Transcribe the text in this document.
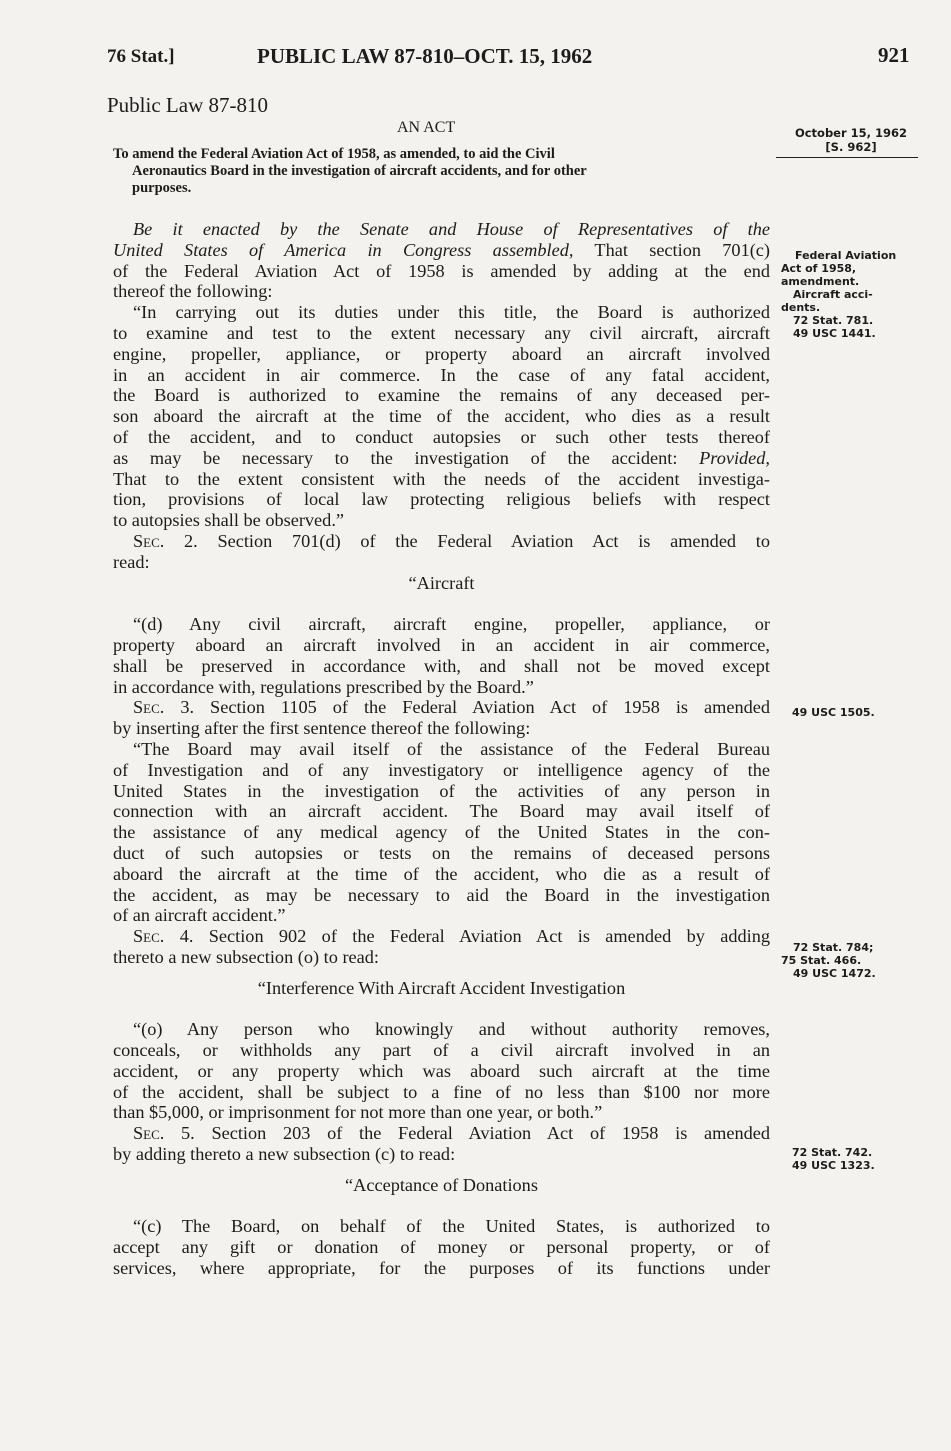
76 Stat.]	PUBLIC LAW 87-810–OCT. 15, 1962	921
Public Law 87-810
AN ACT
To amend the Federal Aviation Act of 1958, as amended, to aid the Civil
Aeronautics Board in the investigation of aircraft accidents, and for other
purposes.
October 15, 1962
[S. 962]
Federal Aviation
Act of 1958,
amendment.
Aircraft acci-
dents.
72 Stat. 781.
49 USC 1441.
49 USC 1505.
72 Stat. 784;
75 Stat. 466.
49 USC 1472.
72 Stat. 742.
49 USC 1323.
Be it enacted by the Senate and House of Representatives of the
United States of America in Congress assembled, That section 701(c)
of the Federal Aviation Act of 1958 is amended by adding at the end
thereof the following:
“In carrying out its duties under this title, the Board is authorized
to examine and test to the extent necessary any civil aircraft, aircraft
engine, propeller, appliance, or property aboard an aircraft involved
in an accident in air commerce. In the case of any fatal accident,
the Board is authorized to examine the remains of any deceased per-
son aboard the aircraft at the time of the accident, who dies as a result
of the accident, and to conduct autopsies or such other tests thereof
as may be necessary to the investigation of the accident: Provided,
That to the extent consistent with the needs of the accident investiga-
tion, provisions of local law protecting religious beliefs with respect
to autopsies shall be observed.”
Sec. 2. Section 701(d) of the Federal Aviation Act is amended to
read:
“Aircraft
“(d) Any civil aircraft, aircraft engine, propeller, appliance, or
property aboard an aircraft involved in an accident in air commerce,
shall be preserved in accordance with, and shall not be moved except
in accordance with, regulations prescribed by the Board.”
Sec. 3. Section 1105 of the Federal Aviation Act of 1958 is amended
by inserting after the first sentence thereof the following:
“The Board may avail itself of the assistance of the Federal Bureau
of Investigation and of any investigatory or intelligence agency of the
United States in the investigation of the activities of any person in
connection with an aircraft accident. The Board may avail itself of
the assistance of any medical agency of the United States in the con-
duct of such autopsies or tests on the remains of deceased persons
aboard the aircraft at the time of the accident, who die as a result of
the accident, as may be necessary to aid the Board in the investigation
of an aircraft accident.”
Sec. 4. Section 902 of the Federal Aviation Act is amended by adding
thereto a new subsection (o) to read:
“Interference With Aircraft Accident Investigation
“(o) Any person who knowingly and without authority removes,
conceals, or withholds any part of a civil aircraft involved in an
accident, or any property which was aboard such aircraft at the time
of the accident, shall be subject to a fine of no less than $100 nor more
than $5,000, or imprisonment for not more than one year, or both.”
Sec. 5. Section 203 of the Federal Aviation Act of 1958 is amended
by adding thereto a new subsection (c) to read:
“Acceptance of Donations
“(c) The Board, on behalf of the United States, is authorized to
accept any gift or donation of money or personal property, or of
services, where appropriate, for the purposes of its functions under
